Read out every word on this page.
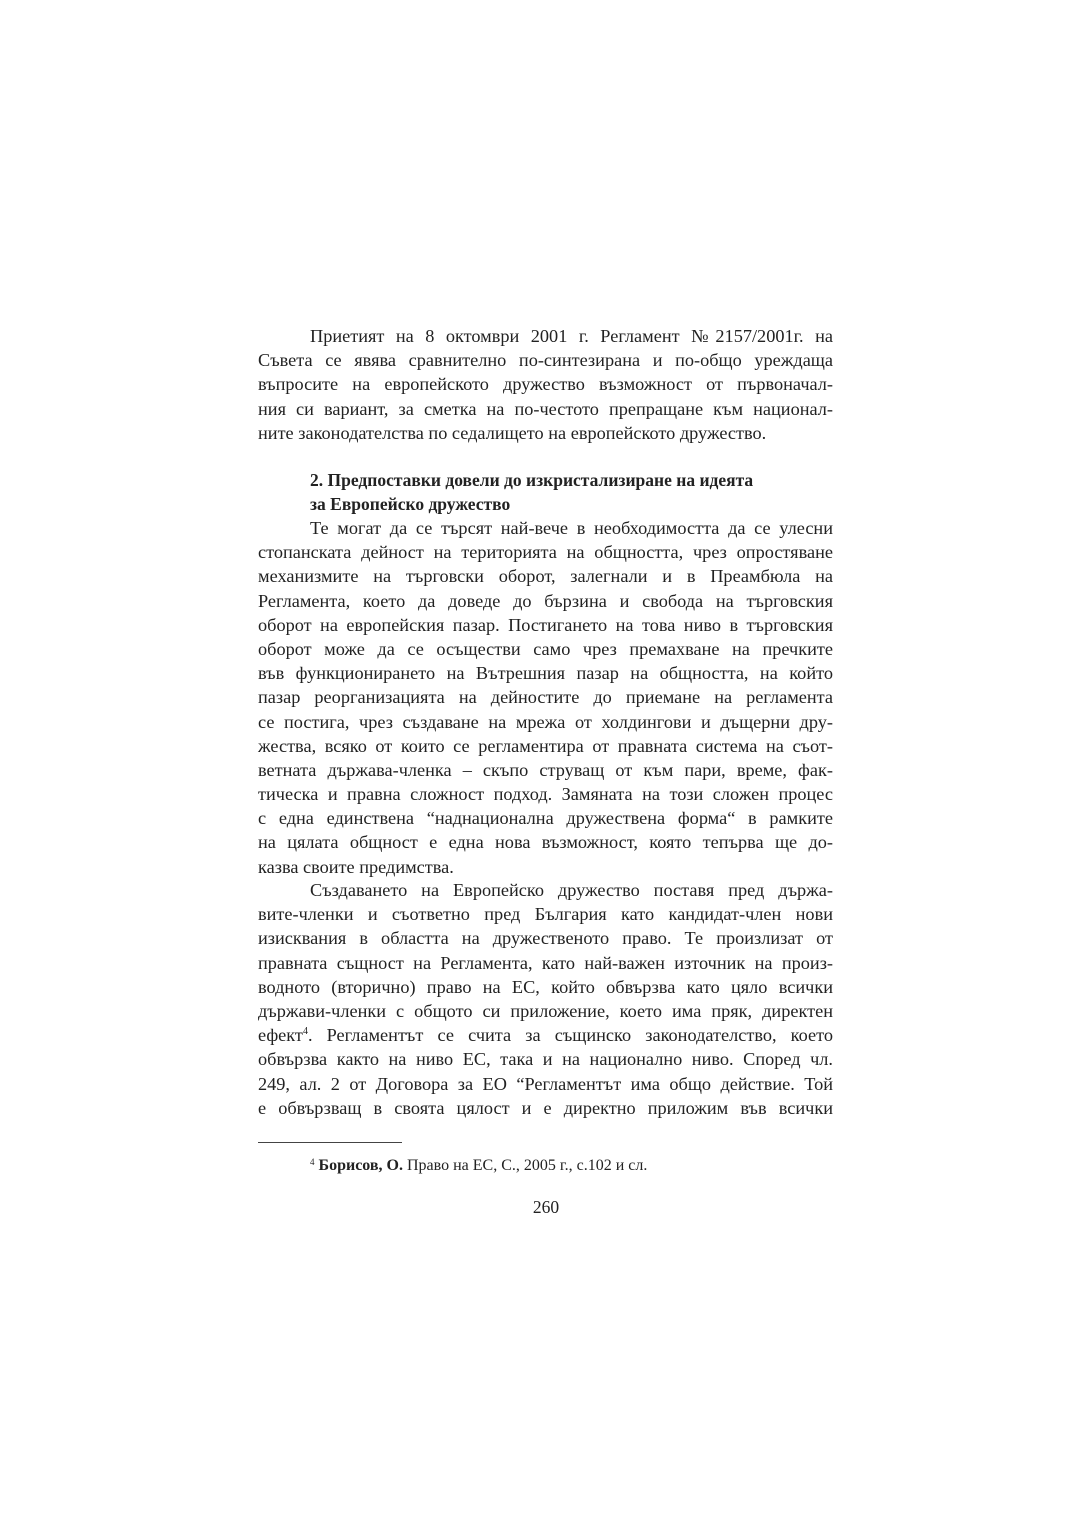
Приетият на 8 октомври 2001 г. Регламент №2157/2001г. на
Съвета се явява сравнително по-синтезирана и по-общо уреждаща
въпросите на европейското дружество възможност от първоначал-
ния си вариант, за сметка на по-честото препращане към национал-
ните законодателства по седалището на европейското дружество.
2. Предпоставки довели до изкристализиране на идеята
за Европейско дружество
Те могат да се търсят най-вече в необходимостта да се улесни
стопанската дейност на територията на общността, чрез опростяване
механизмите на търговски оборот, залегнали и в Преамбюла на
Регламента, което да доведе до бързина и свобода на търговския
оборот на европейския пазар. Постигането на това ниво в търговския
оборот може да се осъществи само чрез премахване на пречките
във функционирането на Вътрешния пазар на общността, на който
пазар реорганизацията на дейностите до приемане на регламента
се постига, чрез създаване на мрежа от холдингови и дъщерни дру-
жества, всяко от които се регламентира от правната система на съот-
ветната държава-членка – скъпо струващ от към пари, време, фак-
тическа и правна сложност подход. Замяната на този сложен процес
с една единствена “наднационална дружествена форма“ в рамките
на цялата общност е една нова възможност, която тепърва ще до-
казва своите предимства.
Създаването на Европейско дружество поставя пред държа-
вите-членки и съответно пред България като кандидат-член нови
изисквания в областта на дружественото право. Те произлизат от
правната същност на Регламента, като най-важен източник на произ-
водното (вторично) право на ЕС, който обвързва като цяло всички
държави-членки с общото си приложение, което има пряк, директен
ефект$^4$. Регламентът се счита за същинско законодателство, което
обвързва както на ниво ЕС, така и на национално ниво. Според чл.
249, ал. 2 от Договора за ЕО “Регламентът има общо действие. Той
е обвързващ в своята цялост и е директно приложим във всички
$^4$ Борисов, О. Право на ЕС, С., 2005 г., с.102 и сл.
260
